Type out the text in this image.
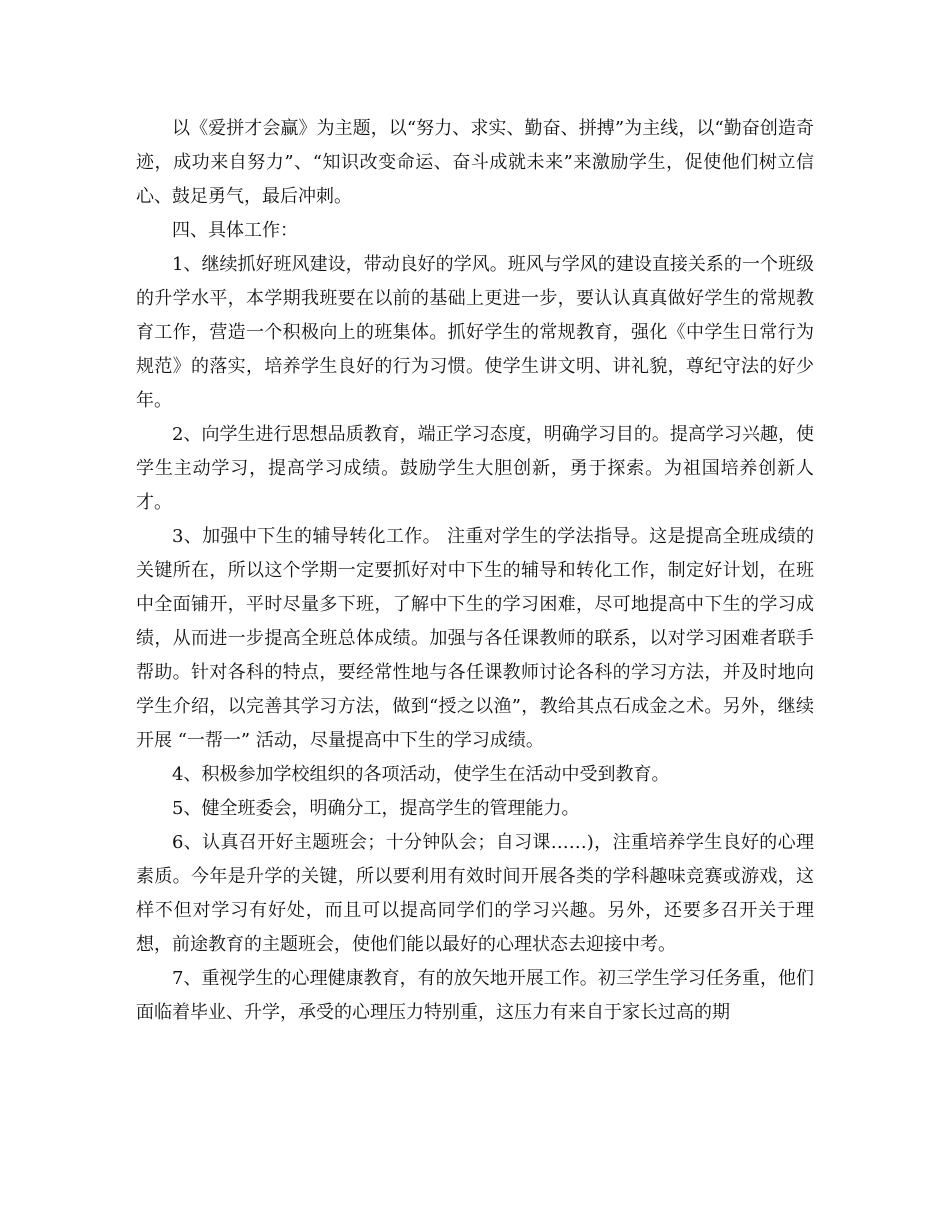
以《爱拼才会赢》为主题，以“努力、求实、勤奋、拼搏”为主线，以“勤奋创造奇迹，成功来自努力”、“知识改变命运、奋斗成就未来”来激励学生，促使他们树立信心、鼓足勇气，最后冲刺。

四、具体工作：

1、继续抓好班风建设，带动良好的学风。班风与学风的建设直接关系的一个班级的升学水平，本学期我班要在以前的基础上更进一步，要认认真真做好学生的常规教育工作，营造一个积极向上的班集体。抓好学生的常规教育，强化《中学生日常行为规范》的落实，培养学生良好的行为习惯。使学生讲文明、讲礼貌，尊纪守法的好少年。

2、向学生进行思想品质教育，端正学习态度，明确学习目的。提高学习兴趣，使学生主动学习，提高学习成绩。鼓励学生大胆创新，勇于探索。为祖国培养创新人才。

3、加强中下生的辅导转化工作。 注重对学生的学法指导。这是提高全班成绩的关键所在，所以这个学期一定要抓好对中下生的辅导和转化工作，制定好计划，在班中全面铺开，平时尽量多下班，了解中下生的学习困难，尽可地提高中下生的学习成绩，从而进一步提高全班总体成绩。加强与各任课教师的联系，以对学习困难者联手帮助。针对各科的特点，要经常性地与各任课教师讨论各科的学习方法，并及时地向学生介绍，以完善其学习方法，做到“授之以渔”，教给其点石成金之术。另外，继续开展 “一帮一” 活动，尽量提高中下生的学习成绩。

4、积极参加学校组织的各项活动，使学生在活动中受到教育。

5、健全班委会，明确分工，提高学生的管理能力。

6、认真召开好主题班会；十分钟队会；自习课……)，注重培养学生良好的心理素质。今年是升学的关键，所以要利用有效时间开展各类的学科趣味竞赛或游戏，这样不但对学习有好处，而且可以提高同学们的学习兴趣。另外，还要多召开关于理想，前途教育的主题班会，使他们能以最好的心理状态去迎接中考。

7、重视学生的心理健康教育，有的放矢地开展工作。初三学生学习任务重，他们面临着毕业、升学，承受的心理压力特别重，这压力有来自于家长过高的期
